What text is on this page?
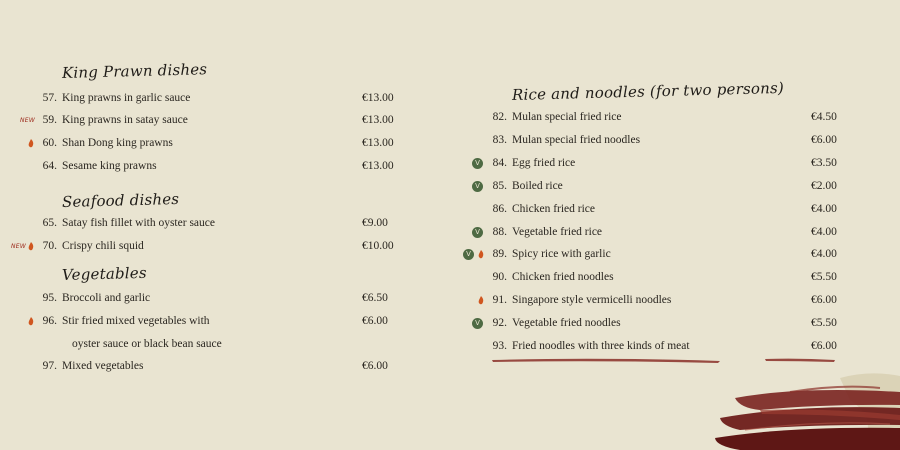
King Prawn dishes
57. King prawns in garlic sauce	€13.00
59. King prawns in satay sauce	€13.00
NEW
60. Shan Dong king prawns	€13.00
64. Sesame king prawns	€13.00
Seafood dishes
65. Satay fish fillet with oyster sauce	€9.00
70. Crispy chili squid	€10.00
NEW
Vegetables
95. Broccoli and garlic	€6.50
96. Stir fried mixed vegetables with	€6.00
oyster sauce or black bean sauce
97. Mixed vegetables	€6.00
Rice and noodles (for two persons)
82. Mulan special fried rice	€4.50
83. Mulan special fried noodles	€6.00
84. Egg fried rice	€3.50
V
85. Boiled rice	€2.00
V
86. Chicken fried rice	€4.00
88. Vegetable fried rice	€4.00
V
89. Spicy rice with garlic	€4.00
V
90. Chicken fried noodles	€5.50
91. Singapore style vermicelli noodles	€6.00
92. Vegetable fried noodles	€5.50
V
93. Fried noodles with three kinds of meat	€6.00
